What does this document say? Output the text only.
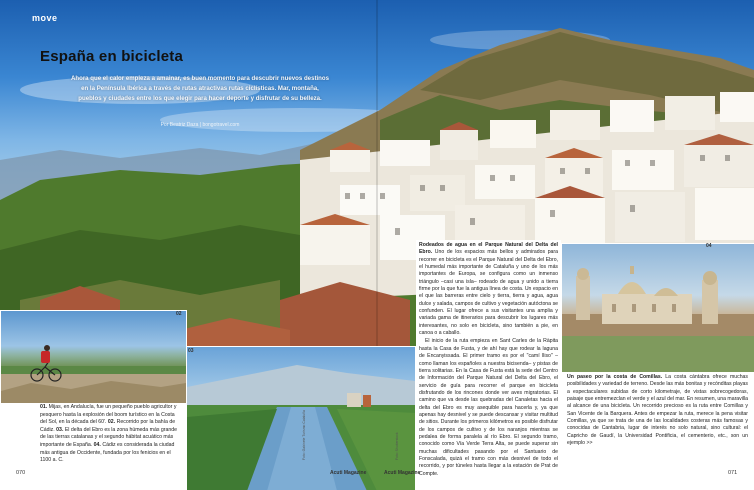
move
España en bicicleta
Ahora que el calor empieza a amainar, es buen momento para descubrir nuevos destinos en la Península Ibérica a través de rutas atractivas rutas ciclísticas. Mar, montaña, pueblos y ciudades entre los que elegir para hacer deporte y disfrutar de su belleza.
Por Beatriz Daza | bongotravel.com
02
03
04
Foto: Gabinete Turismo Cataluña	Foto: Shutterstock
01. Mijas, en Andalucía, fue un pequeño pueblo agricultor y pesquero hasta la explosión del boom turístico en la Costa del Sol, en la década del 60'. 02. Recorrido por la bahía de Cádiz. 03. El delta del Ebro es la zona húmeda más grande de las tierras catalanas y el segundo hábitat acuático más importante de España. 04. Cádiz es considerada la ciudad más antigua de Occidente, fundada por los fenicios en el 1100 a. C.

Rodeados de agua en el Parque Natural del Delta del Ebro. Uno de los espacios más bellos y admirados para recorrer en bicicleta es el Parque Natural del Delta del Ebro, el humedal más importante de Cataluña y uno de los más importantes de Europa, se configura como un inmenso triángulo –casi una isla– rodeado de agua y unido a tierra firme por la que fue la antigua línea de costa. Un espacio en el que las barreras entre cielo y tierra, tierra y agua, agua dulce y salada, campos de cultivo y vegetación autóctona se confunden. El lugar ofrece a sus visitantes una amplia y variada gama de itinerarios para descubrir los lugares más interesantes, no solo en bicicleta, sino también a pie, en canoa o a caballo.

El inicio de la ruta empieza en Sant Carles de la Ràpita hasta la Casa de Fusta, y de ahí hay que rodear la laguna de Encanyissada. El primer tramo es por el "camí lliso" –como llaman los españoles a nuestra bicisenda– y pistas de tierra solitarias. En la Casa de Fusta está la sede del Centro de Información del Parque Natural del Delta del Ebro, el servicio de guía para recorrer el parque en bicicleta disfrutando de los rincones donde ver aves migratorias. El camino que va desde las quebradas del Canaletas hacia el delta del Ebro es muy asequible para hacerla y, ya que apenas hay desnivel y se puede descansar y visitar multitud de sitios. Durante los primeros kilómetros es posible disfrutar de los campos de cultivo y de los naranjos mientras se pedalea de forma paralela al río Ebro. El segundo tramo, conocido como Vía Verde Terra Alta, se puede superar sin muchas dificultades pasando por el Santuario de Fonscalada, quizá el tramo con más desnivel de todo el recorrido, y por túneles hasta llegar a la estación de Prat de Compte.

Un paseo por la costa de Comillas. La costa cántabra ofrece muchas posibilidades y variedad de terreno. Desde las más bonitas y recónditas playas a espectaculares subidas de corto kilometraje, de vistas sobrecogedoras, paisaje que entremezclan el verde y el azul del mar. En resumen, una maravilla al alcance de una bicicleta. Un recorrido precioso es la ruta entre Comillas y San Vicente de la Barquera. Antes de empezar la ruta, merece la pena visitar Comillas, ya que se trata de una de las localidades costeras más famosas y conocidas de Cantabria, lugar de interés no solo natural, sino cultural: el Capricho de Gaudí, la Universidad Pontificia, el cementerio, etc., son un ejemplo >>

070	Acuti Magazine	Acuti Magazine	071
